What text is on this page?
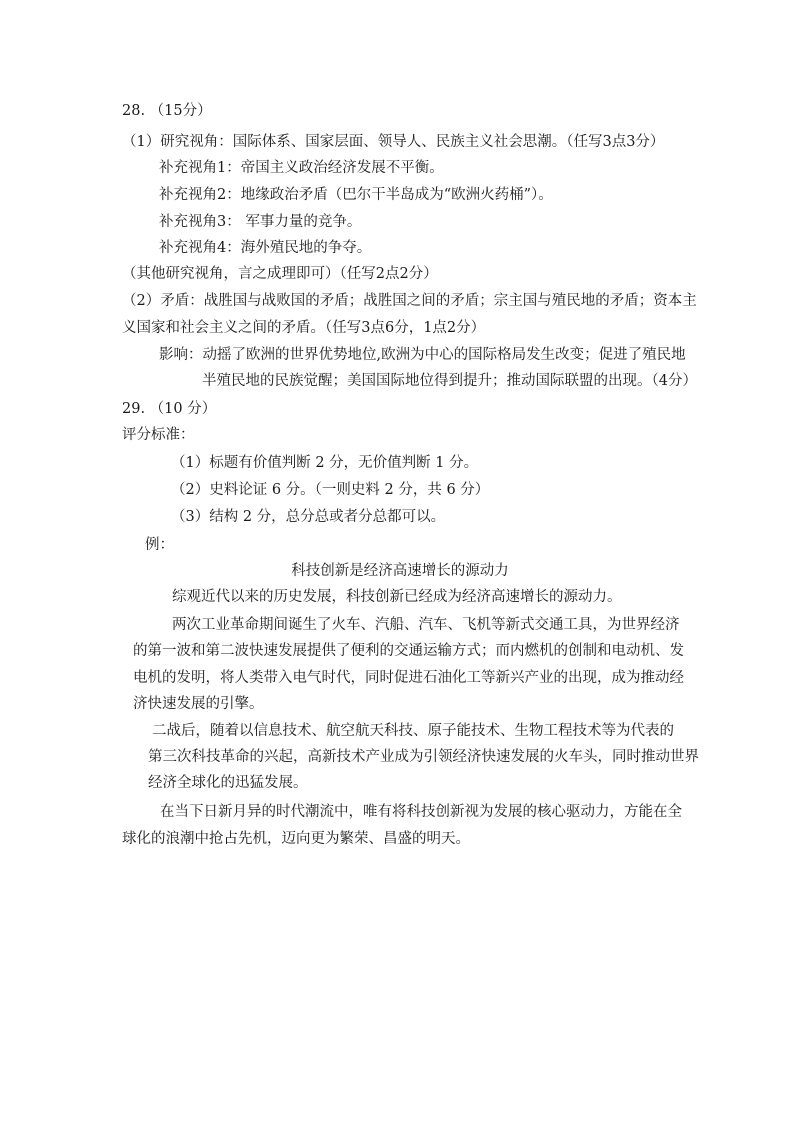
28. （15分）
（1）研究视角：国际体系、国家层面、领导人、民族主义社会思潮。（任写3点3分）
补充视角1：帝国主义政治经济发展不平衡。
补充视角2：地缘政治矛盾（巴尔干半岛成为“欧洲火药桶”）。
补充视角3： 军事力量的竞争。
补充视角4：海外殖民地的争夺。
（其他研究视角，言之成理即可）（任写2点2分）
（2）矛盾：战胜国与战败国的矛盾；战胜国之间的矛盾；宗主国与殖民地的矛盾；资本主
义国家和社会主义之间的矛盾。（任写3点6分，1点2分）
影响：动摇了欧洲的世界优势地位,欧洲为中心的国际格局发生改变；促进了殖民地
半殖民地的民族觉醒；美国国际地位得到提升；推动国际联盟的出现。（4分）
29. （10 分）
评分标准：
（1）标题有价值判断 2 分，无价值判断 1 分。
（2）史料论证 6 分。（一则史料 2 分，共 6 分）
（3）结构 2 分，总分总或者分总都可以。
例：
科技创新是经济高速增长的源动力
综观近代以来的历史发展，科技创新已经成为经济高速增长的源动力。
两次工业革命期间诞生了火车、汽船、汽车、飞机等新式交通工具，为世界经济
的第一波和第二波快速发展提供了便利的交通运输方式；而内燃机的创制和电动机、发
电机的发明，将人类带入电气时代，同时促进石油化工等新兴产业的出现，成为推动经
济快速发展的引擎。
二战后，随着以信息技术、航空航天科技、原子能技术、生物工程技术等为代表的
第三次科技革命的兴起，高新技术产业成为引领经济快速发展的火车头，同时推动世界
经济全球化的迅猛发展。
在当下日新月异的时代潮流中，唯有将科技创新视为发展的核心驱动力，方能在全
球化的浪潮中抢占先机，迈向更为繁荣、昌盛的明天。
